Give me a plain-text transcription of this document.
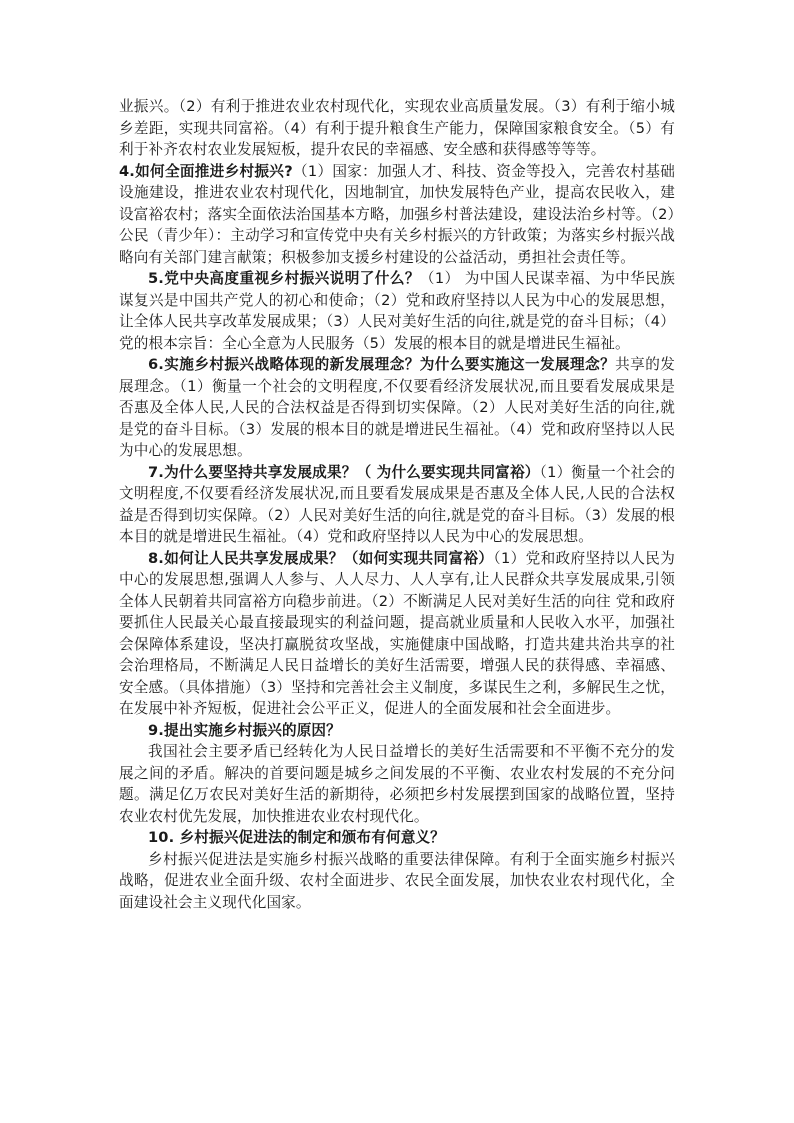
业振兴。（2）有利于推进农业农村现代化，实现农业高质量发展。（3）有利于缩小城乡差距，实现共同富裕。（4）有利于提升粮食生产能力，保障国家粮食安全。（5）有利于补齐农村农业发展短板，提升农民的幸福感、安全感和获得感等等等。

4.如何全面推进乡村振兴?（1）国家：加强人才、科技、资金等投入，完善农村基础设施建设，推进农业农村现代化，因地制宜，加快发展特色产业，提高农民收入，建设富裕农村；落实全面依法治国基本方略，加强乡村普法建设，建设法治乡村等。（2）公民（青少年）：主动学习和宣传党中央有关乡村振兴的方针政策；为落实乡村振兴战略向有关部门建言献策；积极参加支援乡村建设的公益活动，勇担社会责任等。

5.党中央高度重视乡村振兴说明了什么？（1） 为中国人民谋幸福、为中华民族谋复兴是中国共产党人的初心和使命；（2）党和政府坚持以人民为中心的发展思想，让全体人民共享改革发展成果；（3）人民对美好生活的向往,就是党的奋斗目标；（4）党的根本宗旨：全心全意为人民服务（5）发展的根本目的就是增进民生福祉。

6.实施乡村振兴战略体现的新发展理念？为什么要实施这一发展理念？共享的发展理念。（1）衡量一个社会的文明程度,不仅要看经济发展状况,而且要看发展成果是否惠及全体人民,人民的合法权益是否得到切实保障。（2）人民对美好生活的向往,就是党的奋斗目标。（3）发展的根本目的就是增进民生福祉。（4）党和政府坚持以人民为中心的发展思想。

7.为什么要坚持共享发展成果？（ 为什么要实现共同富裕）（1）衡量一个社会的文明程度,不仅要看经济发展状况,而且要看发展成果是否惠及全体人民,人民的合法权益是否得到切实保障。（2）人民对美好生活的向往,就是党的奋斗目标。（3）发展的根本目的就是增进民生福祉。（4）党和政府坚持以人民为中心的发展思想。

8.如何让人民共享发展成果？（如何实现共同富裕）（1）党和政府坚持以人民为中心的发展思想,强调人人参与、人人尽力、人人享有,让人民群众共享发展成果,引领全体人民朝着共同富裕方向稳步前进。（2）不断满足人民对美好生活的向往 党和政府要抓住人民最关心最直接最现实的利益问题，提高就业质量和人民收入水平，加强社会保障体系建设，坚决打赢脱贫攻坚战，实施健康中国战略，打造共建共治共享的社会治理格局，不断满足人民日益增长的美好生活需要，增强人民的获得感、幸福感、安全感。（具体措施）（3）坚持和完善社会主义制度，多谋民生之利，多解民生之忧，在发展中补齐短板，促进社会公平正义，促进人的全面发展和社会全面进步。

9.提出实施乡村振兴的原因？

我国社会主要矛盾已经转化为人民日益增长的美好生活需要和不平衡不充分的发展之间的矛盾。解决的首要问题是城乡之间发展的不平衡、农业农村发展的不充分问题。满足亿万农民对美好生活的新期待，必须把乡村发展摆到国家的战略位置，坚持农业农村优先发展，加快推进农业农村现代化。

10. 乡村振兴促进法的制定和颁布有何意义？

乡村振兴促进法是实施乡村振兴战略的重要法律保障。有利于全面实施乡村振兴战略，促进农业全面升级、农村全面进步、农民全面发展，加快农业农村现代化，全面建设社会主义现代化国家。
